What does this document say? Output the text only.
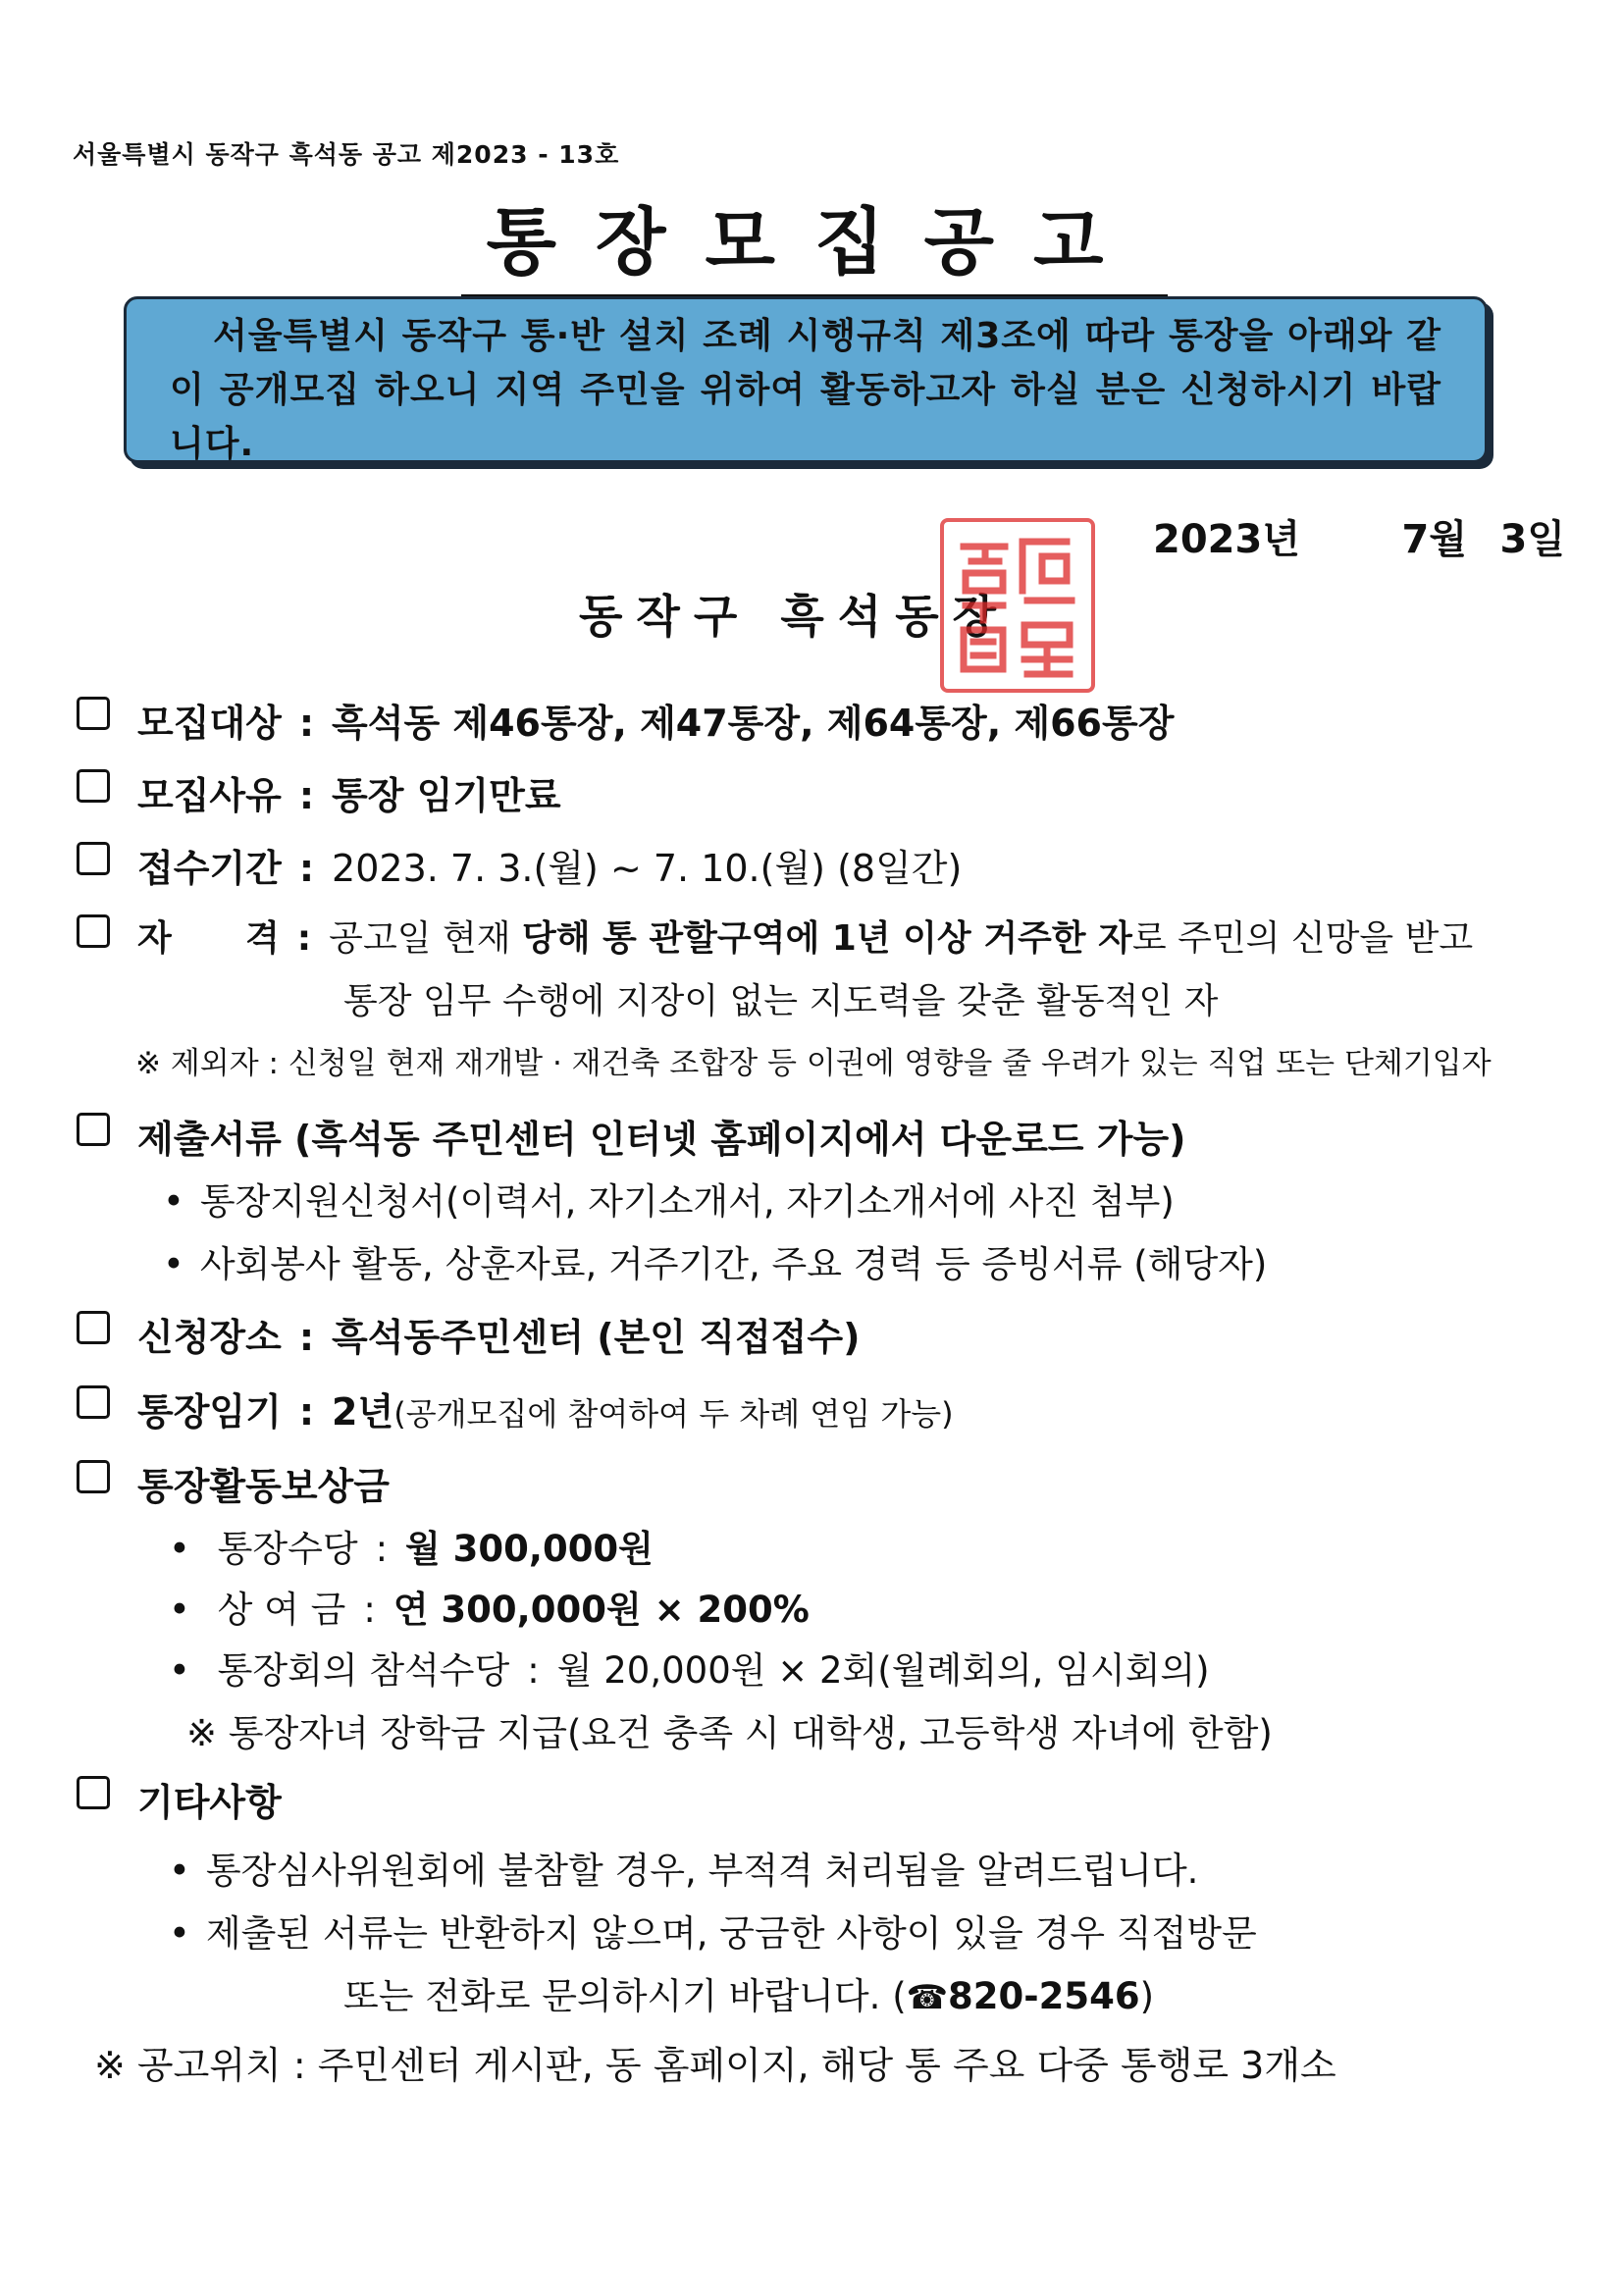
서울특별시 동작구 흑석동 공고 제2023 - 13호
통장모집공고
서울특별시 동작구 통·반 설치 조례 시행규칙 제3조에 따라 통장을 아래와 같이 공개모집 하오니 지역 주민을 위하여 활동하고자 하실 분은 신청하시기 바랍니다.
2023년	7월 3일
동작구 흑석동장
모집대상 : 흑석동 제46통장, 제47통장, 제64통장, 제66통장
모집사유 : 통장 임기만료
접수기간 : 2023. 7. 3.(월) ~ 7. 10.(월) (8일간)
자      격 : 공고일 현재 당해 통 관할구역에 1년 이상 거주한 자로 주민의 신망을 받고
통장 임무 수행에 지장이 없는 지도력을 갖춘 활동적인 자
※ 제외자 : 신청일 현재 재개발 · 재건축 조합장 등 이권에 영향을 줄 우려가 있는 직업 또는 단체기입자
제출서류 (흑석동 주민센터 인터넷 홈페이지에서 다운로드 가능)
• 통장지원신청서(이력서, 자기소개서, 자기소개서에 사진 첨부)
• 사회봉사 활동, 상훈자료, 거주기간, 주요 경력 등 증빙서류 (해당자)
신청장소 : 흑석동주민센터 (본인 직접접수)
통장임기 : 2년(공개모집에 참여하여 두 차례 연임 가능)
통장활동보상금
• 통장수당 : 월 300,000원
• 상 여 금 : 연 300,000원 × 200%
• 통장회의 참석수당 : 월 20,000원 × 2회(월례회의, 임시회의)
※ 통장자녀 장학금 지급(요건 충족 시 대학생, 고등학생 자녀에 한함)
기타사항
• 통장심사위원회에 불참할 경우, 부적격 처리됨을 알려드립니다.
• 제출된 서류는 반환하지 않으며, 궁금한 사항이 있을 경우 직접방문
또는 전화로 문의하시기 바랍니다. (☎820-2546)
※ 공고위치 : 주민센터 게시판, 동 홈페이지, 해당 통 주요 다중 통행로 3개소
